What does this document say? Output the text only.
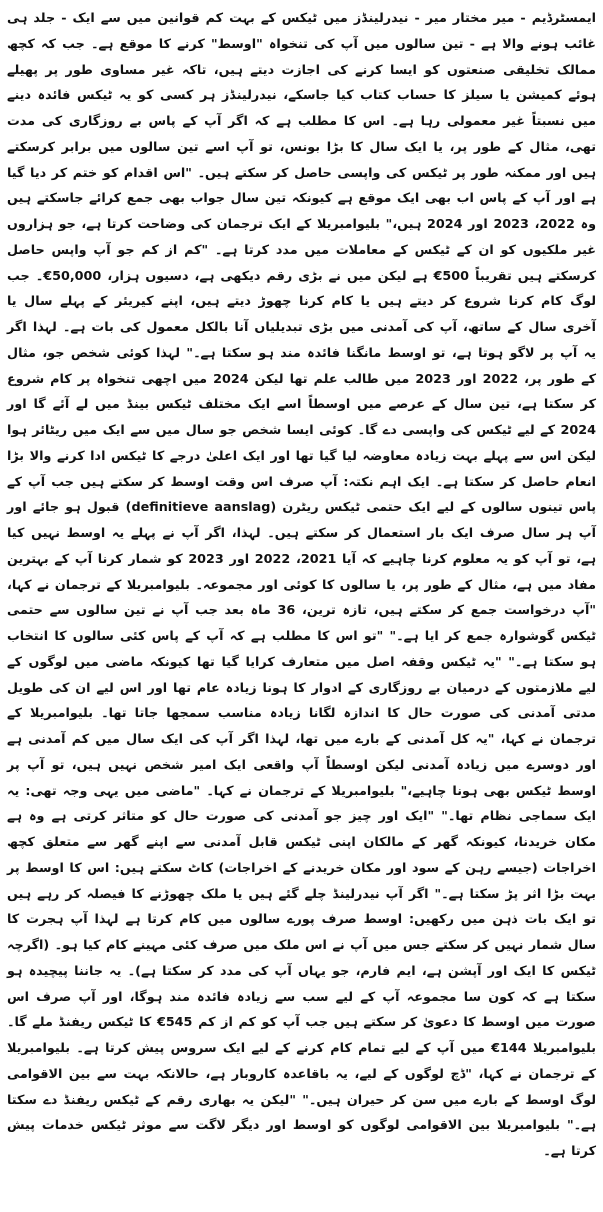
ایمسٹرڈیم - میر مختار میر - نیدرلینڈز میں ٹیکس کے بہت کم قوانین میں سے ایک - جلد ہی غائب ہونے والا ہے - تین سالوں میں آپ کی تنخواہ "اوسط" کرنے کا موقع ہے۔ جب کہ کچھ ممالک تخلیقی صنعتوں کو ایسا کرنے کی اجازت دیتے ہیں، تاکہ غیر مساوی طور پر پھیلے ہوئے کمیشن یا سیلز کا حساب کتاب کیا جاسکے، نیدرلینڈز ہر کسی کو یہ ٹیکس فائدہ دینے میں نسبتاً غیر معمولی رہا ہے۔ اس کا مطلب ہے کہ اگر آپ کے پاس بے روزگاری کی مدت تھی، مثال کے طور پر، یا ایک سال کا بڑا بونس، تو آپ اسے تین سالوں میں برابر کرسکتے ہیں اور ممکنہ طور پر ٹیکس کی واپسی حاصل کر سکتے ہیں۔ "اس اقدام کو ختم کر دیا گیا ہے اور آپ کے پاس اب بھی ایک موقع ہے کیونکہ تین سال جواب بھی جمع کرائے جاسکتے ہیں وہ 2022، 2023 اور 2024 ہیں،" بلیوامبریلا کے ایک ترجمان کی وضاحت کرتا ہے، جو ہزاروں غیر ملکیوں کو ان کے ٹیکس کے معاملات میں مدد کرتا ہے۔ "کم از کم جو آپ واپس حاصل کرسکتے ہیں تقریباً 500€ ہے لیکن میں نے بڑی رقم دیکھی ہے، دسیوں ہزار، 50,000€۔ جب لوگ کام کرنا شروع کر دیتے ہیں یا کام کرنا چھوڑ دیتے ہیں، اپنے کیریئر کے پہلے سال یا آخری سال کے ساتھ، آپ کی آمدنی میں بڑی تبدیلیاں آنا بالکل معمول کی بات ہے۔ لہذا اگر یہ آپ پر لاگو ہوتا ہے، تو اوسط مانگنا فائدہ مند ہو سکتا ہے۔" لہذا کوئی شخص جو، مثال کے طور پر، 2022 اور 2023 میں طالب علم تھا لیکن 2024 میں اچھی تنخواہ پر کام شروع کر سکتا ہے، تین سال کے عرصے میں اوسطاً اسے ایک مختلف ٹیکس بینڈ میں لے آئے گا اور 2024 کے لیے ٹیکس کی واپسی دے گا۔ کوئی ایسا شخص جو سال میں سے ایک میں ریٹائر ہوا لیکن اس سے پہلے بہت زیادہ معاوضہ لیا گیا تھا اور ایک اعلیٰ درجے کا ٹیکس ادا کرنے والا بڑا انعام حاصل کر سکتا ہے۔ ایک اہم نکتہ: آپ صرف اس وقت اوسط کر سکتے ہیں جب آپ کے پاس تینوں سالوں کے لیے ایک حتمی ٹیکس ریٹرن (definitieve aanslag) قبول ہو جائے اور آپ ہر سال صرف ایک بار استعمال کر سکتے ہیں۔ لہذا، اگر آپ نے پہلے یہ اوسط نہیں کیا ہے، تو آپ کو یہ معلوم کرنا چاہیے کہ آیا 2021، 2022 اور 2023 کو شمار کرنا آپ کے بہترین مفاد میں ہے، مثال کے طور پر، یا سالوں کا کوئی اور مجموعہ۔ بلیوامبریلا کے ترجمان نے کہا، "آپ درخواست جمع کر سکتے ہیں، تازہ ترین، 36 ماہ بعد جب آپ نے تین سالوں سے حتمی ٹیکس گوشوارہ جمع کر ایا ہے۔" "تو اس کا مطلب ہے کہ آپ کے پاس کئی سالوں کا انتخاب ہو سکتا ہے۔" "یہ ٹیکس وقفہ اصل میں متعارف کرایا گیا تھا کیونکہ ماضی میں لوگوں کے لیے ملازمتوں کے درمیان بے روزگاری کے ادوار کا ہونا زیادہ عام تھا اور اس لیے ان کی طویل مدتی آمدنی کی صورت حال کا اندازہ لگانا زیادہ مناسب سمجھا جاتا تھا۔ بلیوامبریلا کے ترجمان نے کہا، "یہ کل آمدنی کے بارے میں تھا، لہذا اگر آپ کی ایک سال میں کم آمدنی ہے اور دوسرے میں زیادہ آمدنی لیکن اوسطاً آپ واقعی ایک امیر شخص نہیں ہیں، تو آپ پر اوسط ٹیکس بھی ہونا چاہیے،" بلیوامبریلا کے ترجمان نے کہا۔ "ماضی میں یہی وجہ تھی: یہ ایک سماجی نظام تھا۔" "ایک اور چیز جو آمدنی کی صورت حال کو متاثر کرتی ہے وہ ہے مکان خریدنا، کیونکہ گھر کے مالکان اپنی ٹیکس قابل آمدنی سے اپنے گھر سے متعلق کچھ اخراجات (جیسے رہن کے سود اور مکان خریدنے کے اخراجات) کاٹ سکتے ہیں: اس کا اوسط پر بہت بڑا اثر پڑ سکتا ہے۔" اگر آپ نیدرلینڈ چلے گئے ہیں یا ملک چھوڑنے کا فیصلہ کر رہے ہیں تو ایک بات ذہن میں رکھیں: اوسط صرف پورے سالوں میں کام کرتا ہے لہذا آپ ہجرت کا سال شمار نہیں کر سکتے جس میں آپ نے اس ملک میں صرف کئی مہینے کام کیا ہو۔ (اگرچہ ٹیکس کا ایک اور آپشن ہے، ایم فارم، جو یہاں آپ کی مدد کر سکتا ہے)۔ یہ جاننا پیچیدہ ہو سکتا ہے کہ کون سا مجموعہ آپ کے لیے سب سے زیادہ فائدہ مند ہوگا، اور آپ صرف اس صورت میں اوسط کا دعویٰ کر سکتے ہیں جب آپ کو کم از کم 545€ کا ٹیکس ریفنڈ ملے گا۔ بلیوامبریلا 144€ میں آپ کے لیے تمام کام کرنے کے لیے ایک سروس پیش کرتا ہے۔ بلیوامبریلا کے ترجمان نے کہا، "ڈچ لوگوں کے لیے، یہ باقاعدہ کاروبار ہے، حالانکہ بہت سے بین الاقوامی لوگ اوسط کے بارے میں سن کر حیران ہیں۔" "لیکن یہ بھاری رقم کے ٹیکس ریفنڈ دے سکتا ہے۔" بلیوامبریلا بین الاقوامی لوگوں کو اوسط اور دیگر لاگت سے موثر ٹیکس خدمات پیش کرتا ہے۔
